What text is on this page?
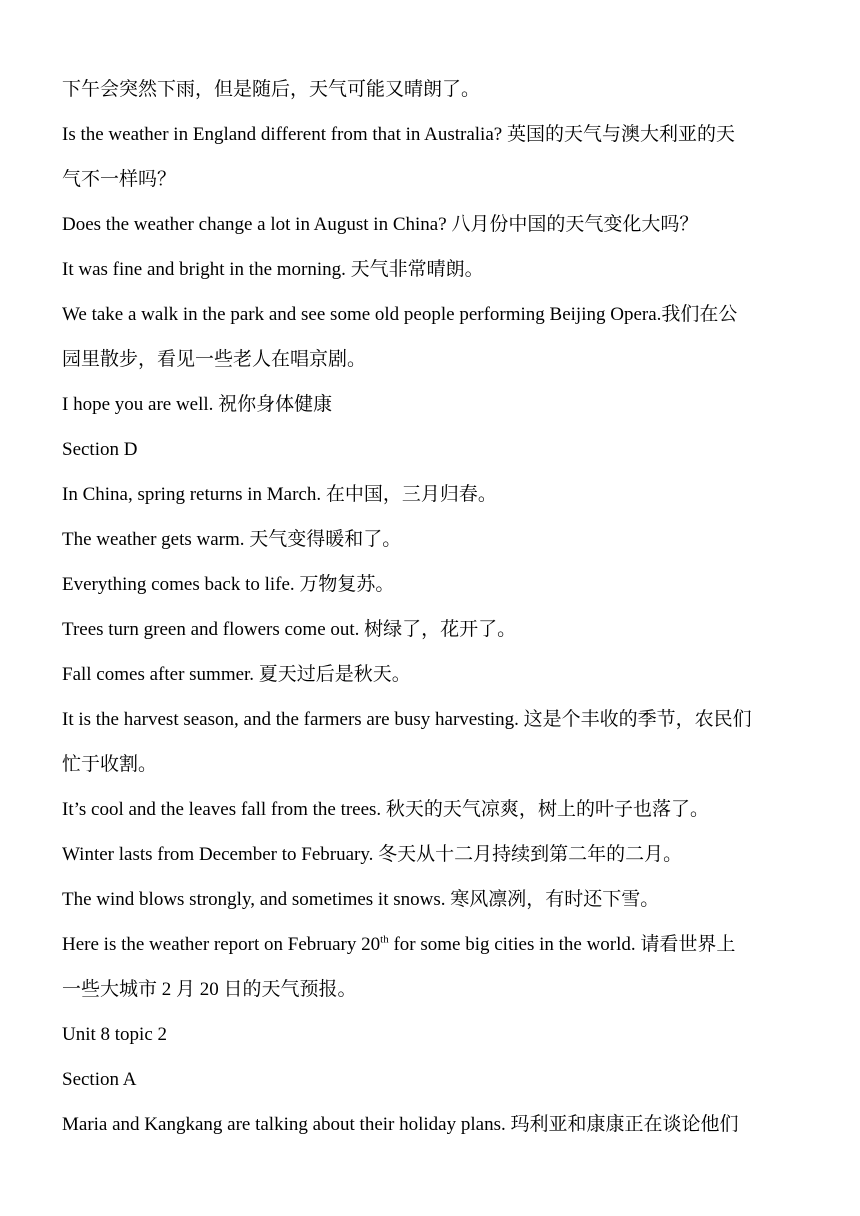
下午会突然下雨，但是随后，天气可能又晴朗了。
Is the weather in England different from that in Australia? 英国的天气与澳大利亚的天
气不一样吗？
Does the weather change a lot in August in China? 八月份中国的天气变化大吗？
It was fine and bright in the morning. 天气非常晴朗。
We take a walk in the park and see some old people performing Beijing Opera.我们在公
园里散步，看见一些老人在唱京剧。
I hope you are well. 祝你身体健康
Section D
In China, spring returns in March. 在中国，三月归春。
The weather gets warm. 天气变得暖和了。
Everything comes back to life. 万物复苏。
Trees turn green and flowers come out. 树绿了，花开了。
Fall comes after summer. 夏天过后是秋天。
It is the harvest season, and the farmers are busy harvesting. 这是个丰收的季节，农民们
忙于收割。
It’s cool and the leaves fall from the trees. 秋天的天气凉爽，树上的叶子也落了。
Winter lasts from December to February. 冬天从十二月持续到第二年的二月。
The wind blows strongly, and sometimes it snows. 寒风凛冽，有时还下雪。
Here is the weather report on February 20th for some big cities in the world. 请看世界上
一些大城市 2 月 20 日的天气预报。
Unit 8 topic 2
Section A
Maria and Kangkang are talking about their holiday plans. 玛利亚和康康正在谈论他们
